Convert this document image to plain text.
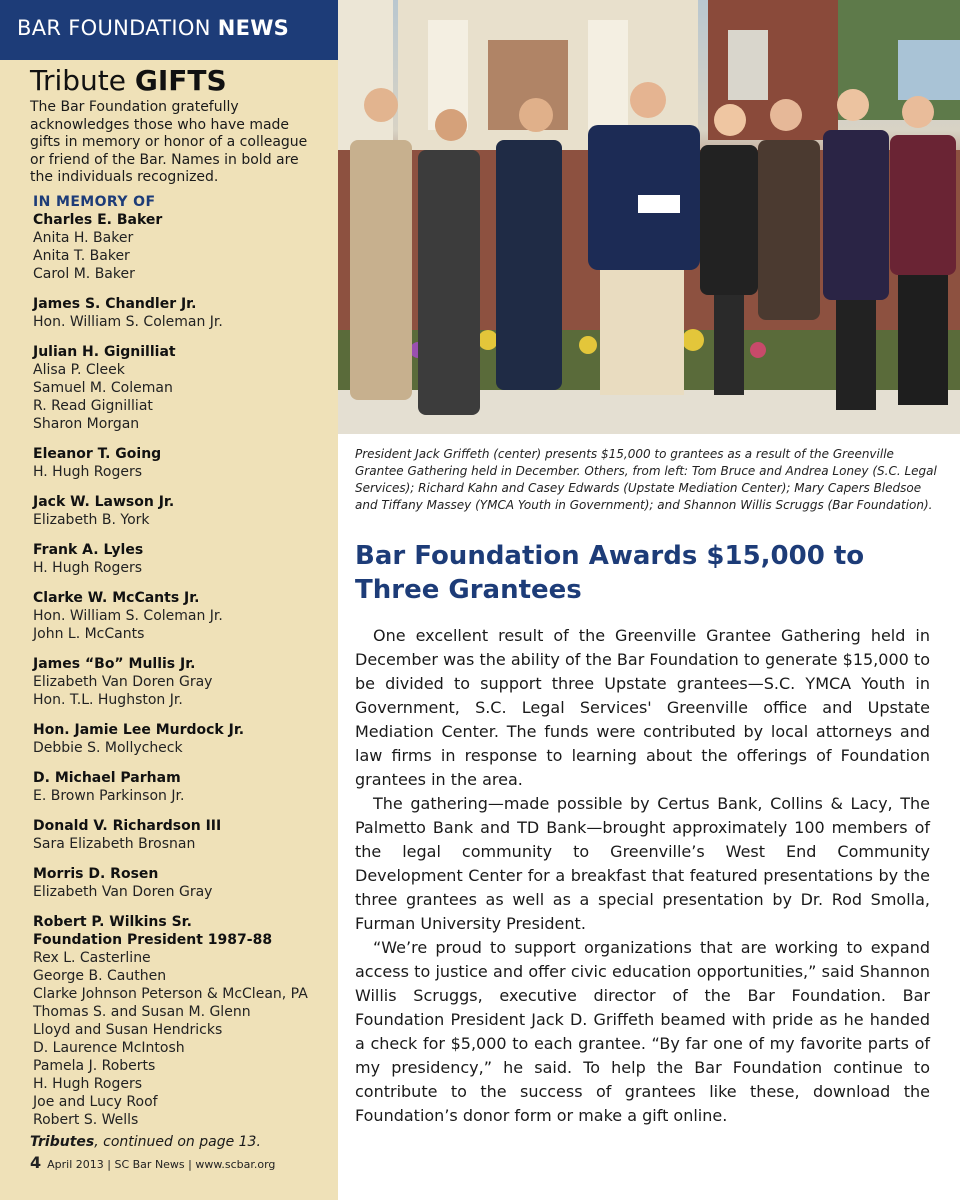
BAR FOUNDATION NEWS
Tribute GIFTS
The Bar Foundation gratefully acknowledges those who have made gifts in memory or honor of a colleague or friend of the Bar. Names in bold are the individuals recognized.
IN MEMORY OF
Charles E. Baker
Anita H. Baker
Anita T. Baker
Carol M. Baker
James S. Chandler Jr.
Hon. William S. Coleman Jr.
Julian H. Gignilliat
Alisa P. Cleek
Samuel M. Coleman
R. Read Gignilliat
Sharon Morgan
Eleanor T. Going
H. Hugh Rogers
Jack W. Lawson Jr.
Elizabeth B. York
Frank A. Lyles
H. Hugh Rogers
Clarke W. McCants Jr.
Hon. William S. Coleman Jr.
John L. McCants
James “Bo” Mullis Jr.
Elizabeth Van Doren Gray
Hon. T.L. Hughston Jr.
Hon. Jamie Lee Murdock Jr.
Debbie S. Mollycheck
D. Michael Parham
E. Brown Parkinson Jr.
Donald V. Richardson III
Sara Elizabeth Brosnan
Morris D. Rosen
Elizabeth Van Doren Gray
Robert P. Wilkins Sr.
Foundation President 1987-88
Rex L. Casterline
George B. Cauthen
Clarke Johnson Peterson & McClean, PA
Thomas S. and Susan M. Glenn
Lloyd and Susan Hendricks
D. Laurence McIntosh
Pamela J. Roberts
H. Hugh Rogers
Joe and Lucy Roof
Robert S. Wells
Tributes, continued on page 13.
4 April 2013 | SC Bar News | www.scbar.org
President Jack Griffeth (center) presents $15,000 to grantees as a result of the Greenville Grantee Gathering held in December. Others, from left: Tom Bruce and Andrea Loney (S.C. Legal Services); Richard Kahn and Casey Edwards (Upstate Mediation Center); Mary Capers Bledsoe and Tiffany Massey (YMCA Youth in Government); and Shannon Willis Scruggs (Bar Foundation).
Bar Foundation Awards $15,000 to Three Grantees

One excellent result of the Greenville Grantee Gathering held in December was the ability of the Bar Foundation to generate $15,000 to be divided to support three Upstate grantees—S.C. YMCA Youth in Government, S.C. Legal Services' Greenville office and Upstate Mediation Center. The funds were contributed by local attorneys and law firms in response to learning about the offerings of Foundation grantees in the area.

The gathering—made possible by Certus Bank, Collins & Lacy, The Palmetto Bank and TD Bank—brought approximately 100 members of the legal community to Greenville’s West End Community Development Center for a breakfast that featured presentations by the three grantees as well as a special presentation by Dr. Rod Smolla, Furman University President.

“We’re proud to support organizations that are working to expand access to justice and offer civic education opportunities,” said Shannon Willis Scruggs, executive director of the Bar Foundation. Bar Foundation President Jack D. Griffeth beamed with pride as he handed a check for $5,000 to each grantee. “By far one of my favorite parts of my presidency,” he said. To help the Bar Foundation continue to contribute to the success of grantees like these, download the Foundation’s donor form or make a gift online.
